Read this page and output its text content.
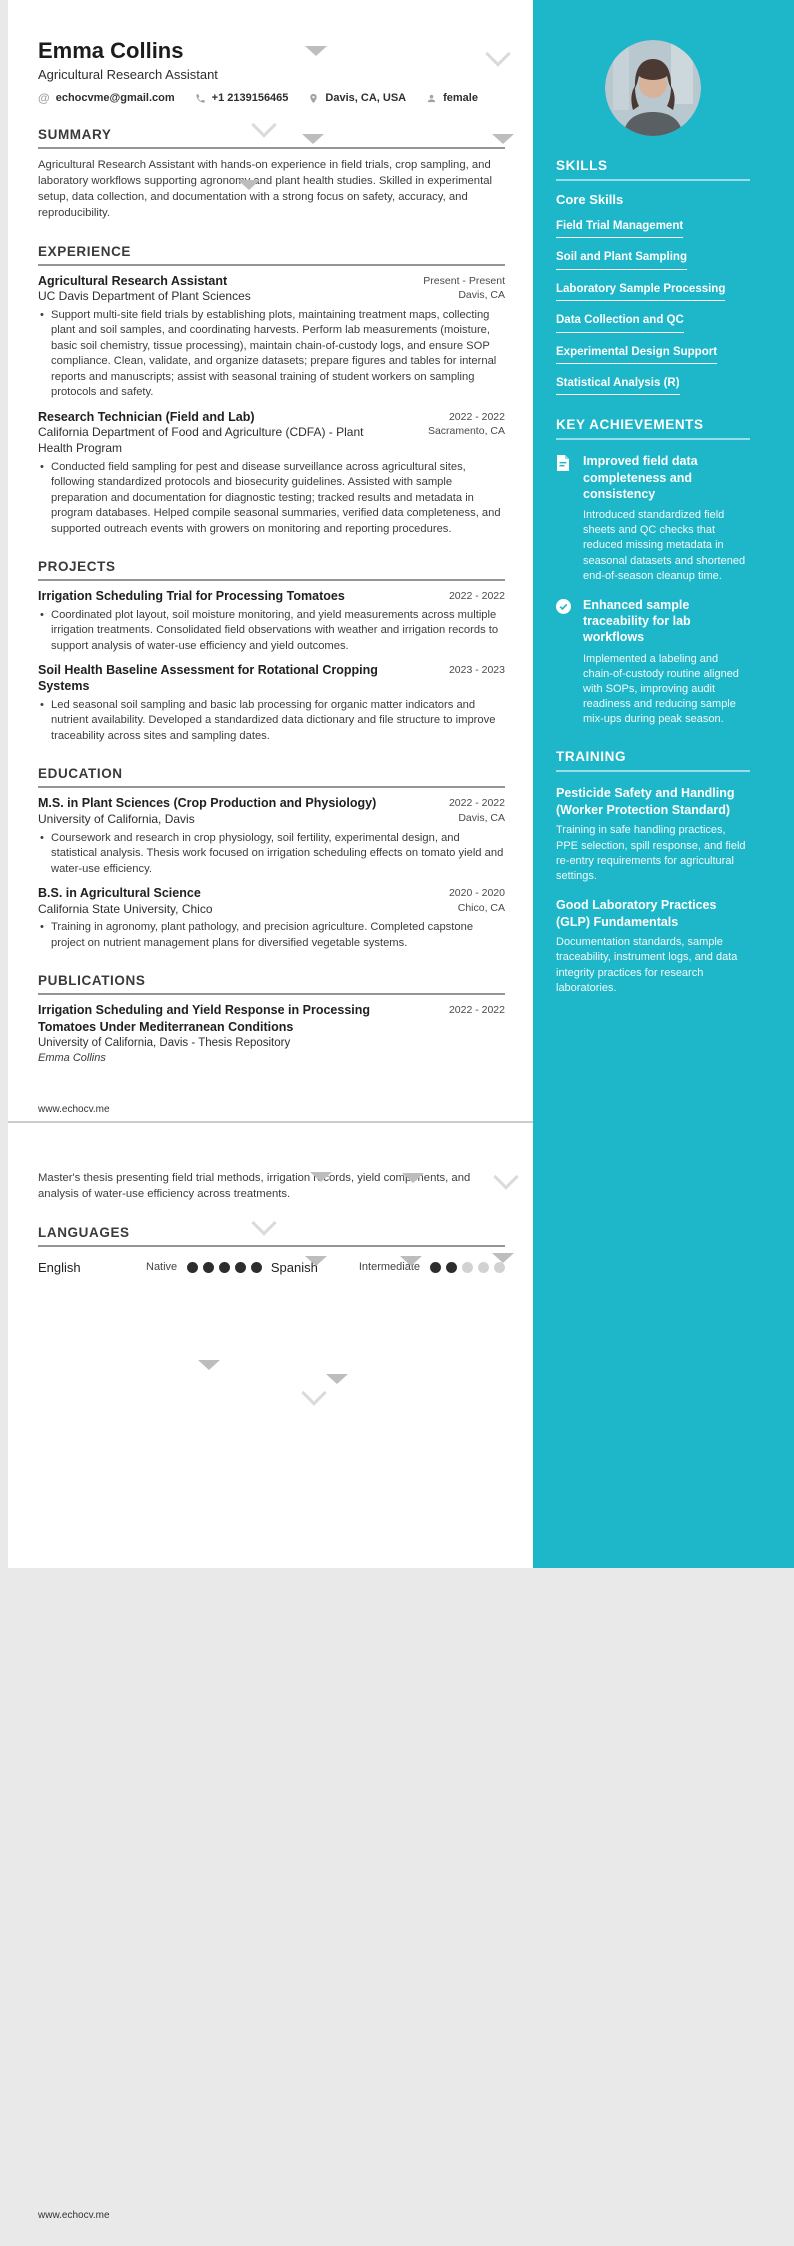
Emma Collins
Agricultural Research Assistant
@ echocvme@gmail.com	+1 2139156465	Davis, CA, USA	female
SUMMARY

Agricultural Research Assistant with hands-on experience in field trials, crop sampling, and laboratory workflows supporting agronomy and plant health studies. Skilled in experimental setup, data collection, and documentation with a strong focus on safety, accuracy, and reproducibility.

EXPERIENCE
Agricultural Research Assistant	Present - Present
UC Davis Department of Plant Sciences	Davis, CA
• Support multi-site field trials by establishing plots, maintaining treatment maps, collecting plant and soil samples, and coordinating harvests. Perform lab measurements (moisture, basic soil chemistry, tissue processing), maintain chain-of-custody logs, and ensure SOP compliance. Clean, validate, and organize datasets; prepare figures and tables for internal reports and manuscripts; assist with seasonal training of student workers on sampling protocols and safety.
Research Technician (Field and Lab)	2022 - 2022
California Department of Food and Agriculture (CDFA) - Plant Health Program
Sacramento, CA
• Conducted field sampling for pest and disease surveillance across agricultural sites, following standardized protocols and biosecurity guidelines. Assisted with sample preparation and documentation for diagnostic testing; tracked results and metadata in program databases. Helped compile seasonal summaries, verified data completeness, and supported outreach events with growers on monitoring and reporting procedures.
PROJECTS
Irrigation Scheduling Trial for Processing Tomatoes	2022 - 2022
• Coordinated plot layout, soil moisture monitoring, and yield measurements across multiple irrigation treatments. Consolidated field observations with weather and irrigation records to support analysis of water-use efficiency and yield outcomes.
Soil Health Baseline Assessment for Rotational Cropping Systems
2023 - 2023
• Led seasonal soil sampling and basic lab processing for organic matter indicators and nutrient availability. Developed a standardized data dictionary and file structure to improve traceability across sites and sampling dates.
EDUCATION
M.S. in Plant Sciences (Crop Production and Physiology)	2022 - 2022
University of California, Davis	Davis, CA
• Coursework and research in crop physiology, soil fertility, experimental design, and statistical analysis. Thesis work focused on irrigation scheduling effects on tomato yield and water-use efficiency.
B.S. in Agricultural Science	2020 - 2020
California State University, Chico	Chico, CA
• Training in agronomy, plant pathology, and precision agriculture. Completed capstone project on nutrient management plans for diversified vegetable systems.
PUBLICATIONS
Irrigation Scheduling and Yield Response in Processing Tomatoes Under Mediterranean Conditions
2022 - 2022
University of California, Davis - Thesis Repository
Emma Collins
www.echocv.me

Master's thesis presenting field trial methods, irrigation records, yield components, and analysis of water-use efficiency across treatments.

LANGUAGES
English	Native	Spanish	Intermediate
SKILLS
Core Skills
Field Trial Management
Soil and Plant Sampling
Laboratory Sample Processing
Data Collection and QC
Experimental Design Support
Statistical Analysis (R)
KEY ACHIEVEMENTS
Improved field data completeness and consistency
Introduced standardized field sheets and QC checks that reduced missing metadata in seasonal datasets and shortened end-of-season cleanup time.
Enhanced sample traceability for lab workflows
Implemented a labeling and chain-of-custody routine aligned with SOPs, improving audit readiness and reducing sample mix-ups during peak season.
TRAINING
Pesticide Safety and Handling (Worker Protection Standard)
Training in safe handling practices, PPE selection, spill response, and field re-entry requirements for agricultural settings.
Good Laboratory Practices (GLP) Fundamentals
Documentation standards, sample traceability, instrument logs, and data integrity practices for research laboratories.
www.echocv.me
